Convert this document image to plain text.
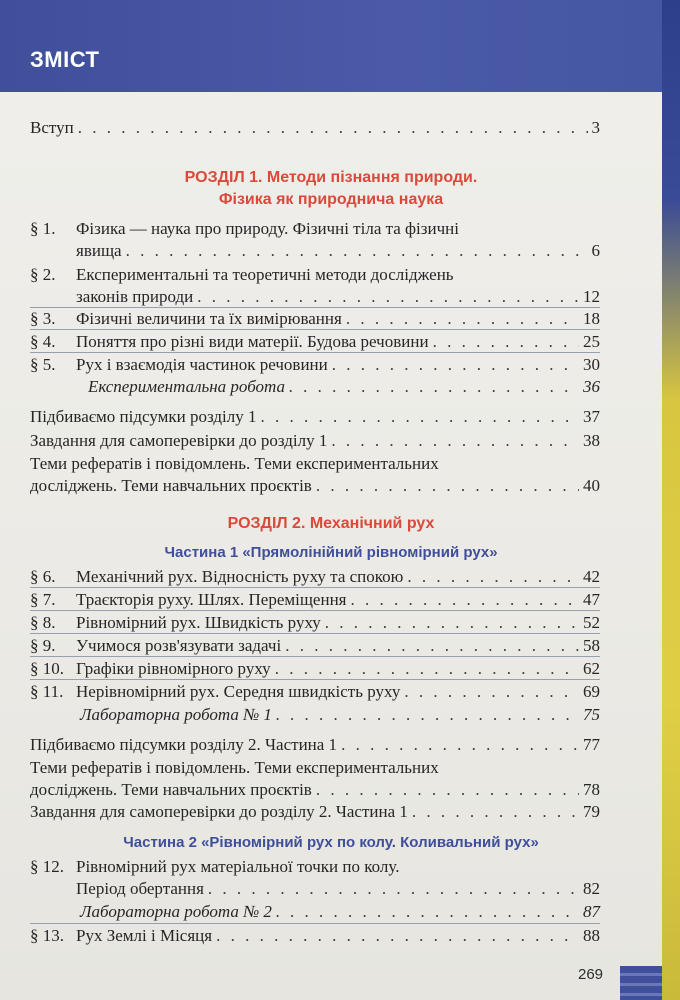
ЗМІСТ
Вступ . . .	3
РОЗДІЛ 1. Методи пізнання природи.
Фізика як природнича наука
§ 1. Фізика — наука про природу. Фізичні тіла та фізичні
явища . . .	6
§ 2. Експериментальні та теоретичні методи досліджень
законів природи . . .	12
§ 3.	Фізичні величини та їх вимірювання . . .	18
§ 4.	Поняття про різні види матерії. Будова речовини . . .	25
§ 5.	Рух і взаємодія частинок речовини . . .	30
Експериментальна робота . . .	36
Підбиваємо підсумки розділу 1 . . .	37
Завдання для самоперевірки до розділу 1 . . .	38
Теми рефератів і повідомлень. Теми експериментальних
досліджень. Теми навчальних проєктів . . .	40
РОЗДІЛ 2. Механічний рух
Частина 1 «Прямолінійний рівномірний рух»
§ 6.	Механічний рух. Відносність руху та спокою . . .	42
§ 7.	Траєкторія руху. Шлях. Переміщення . . .	47
§ 8.	Рівномірний рух. Швидкість руху . . .	52
§ 9.	Учимося розв'язувати задачі . . .	58
§ 10. Графіки рівномірного руху . . .	62
§ 11. Нерівномірний рух. Середня швидкість руху . . .	69
Лабораторна робота № 1 . . .	75
Підбиваємо підсумки розділу 2. Частина 1 . . .	77
Теми рефератів і повідомлень. Теми експериментальних
досліджень. Теми навчальних проєктів . . .	78
Завдання для самоперевірки до розділу 2. Частина 1 . . .	79
Частина 2 «Рівномірний рух по колу. Коливальний рух»
§ 12. Рівномірний рух матеріальної точки по колу.
Період обертання . . .	82
Лабораторна робота № 2 . . .	87
§ 13. Рух Землі і Місяця . . .	88
269
